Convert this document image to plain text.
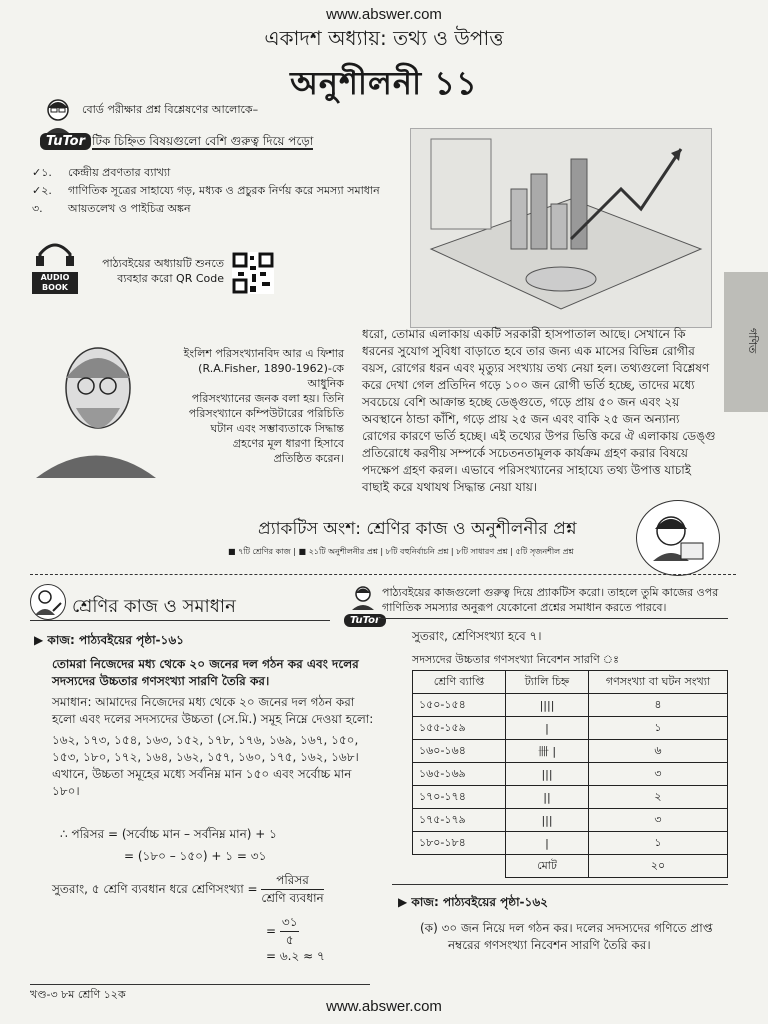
www.abswer.com
একাদশ অধ্যায়: তথ্য ও উপাত্ত
অনুশীলনী ১১
বোর্ড পরীক্ষার প্রশ্ন বিশ্লেষণের আলোকে–
TuTor টিক চিহ্নিত বিষয়গুলো বেশি গুরুত্ব দিয়ে পড়ো
✓১. কেন্দ্রীয় প্রবণতার ব্যাখ্যা
✓২. গাণিতিক সূত্রের সাহায্যে গড়, মধ্যক ও প্রচুরক নির্ণয় করে সমস্যা সমাধান
৩. আয়তলেখ ও পাইচিত্র অঙ্কন
AUDIO BOOK
পাঠ্যবইয়ের অধ্যায়টি শুনতে
ব্যবহার করো QR Code
গণিত
ইংলিশ পরিসংখ্যানবিদ আর এ ফিশার
(R.A.Fisher, 1890-1962)-কে আধুনিক
পরিসংখ্যানের জনক বলা হয়। তিনি
পরিসংখ্যানে কম্পিউটারের পরিচিতি
ঘটান এবং সম্ভাব্যতাকে সিদ্ধান্ত
গ্রহণের মূল ধারণা হিসাবে
প্রতিষ্ঠিত করেন।
ধরো, তোমার এলাকায় একটি সরকারী হাসপাতাল আছে। সেখানে কি
ধরনের সুযোগ সুবিধা বাড়াতে হবে তার জন্য এক মাসের বিভিন্ন রোগীর
বয়স, রোগের ধরন এবং মৃত্যুর সংখ্যায় তথ্য নেয়া হল। তথ্যগুলো বিশ্লেষণ
করে দেখা গেল প্রতিদিন গড়ে ১০০ জন রোগী ভর্তি হচ্ছে, তাদের মধ্যে
সবচেয়ে বেশি আক্রান্ত হচ্ছে ডেঙ্গুতে, গড়ে প্রায় ৫০ জন এবং ২য়
অবস্থানে ঠান্ডা কাঁশি, গড়ে প্রায় ২৫ জন এবং বাকি ২৫ জন অন্যান্য
রোগের কারণে ভর্তি হচ্ছে। এই তথ্যের উপর ভিত্তি করে ঐ এলাকায় ডেঙ্গু
প্রতিরোধে করণীয় সম্পর্কে সচেতনতামূলক কার্যক্রম গ্রহণ করার বিষয়ে
পদক্ষেপ গ্রহণ করল। এভাবে পরিসংখ্যানের সাহায্যে তথ্য উপাত্ত যাচাই
বাছাই করে যথাযথ সিদ্ধান্ত নেয়া যায়।
প্র্যাকটিস অংশ: শ্রেণির কাজ ও অনুশীলনীর প্রশ্ন
■ ৭টি শ্রেণির কাজ | ■ ২১টি অনুশীলনীর প্রশ্ন | ৮টি বহুনির্বাচনি প্রশ্ন | ৮টি সাধারণ প্রশ্ন | ৫টি সৃজনশীল প্রশ্ন
শ্রেণির কাজ ও সমাধান
TuTor
পাঠ্যবইয়ের কাজগুলো গুরুত্ব দিয়ে প্র্যাকটিস করো। তাহলে তুমি কাজের ওপর
গাণিতিক সমস্যার অনুরূপ যেকোনো প্রশ্নের সমাধান করতে পারবে।
▶ কাজ: পাঠ্যবইয়ের পৃষ্ঠা-১৬১
তোমরা নিজেদের মধ্য থেকে ২০ জনের দল গঠন কর এবং দলের
সদস্যদের উচ্চতার গণসংখ্যা সারণি তৈরি কর।
সমাধান: আমাদের নিজেদের মধ্য থেকে ২০ জনের দল গঠন করা
হলো এবং দলের সদস্যদের উচ্চতা (সে.মি.) সমূহ নিম্নে দেওয়া হলো:
১৬২, ১৭৩, ১৫৪, ১৬৩, ১৫২, ১৭৮, ১৭৬, ১৬৯, ১৬৭, ১৫০,
১৫৩, ১৮০, ১৭২, ১৬৪, ১৬২, ১৫৭, ১৬০, ১৭৫, ১৬২, ১৬৮।
এখানে, উচ্চতা সমূহের মধ্যে সর্বনিম্ন মান ১৫০ এবং সর্বোচ্চ মান
১৮০।
∴ পরিসর = (সর্বোচ্চ মান – সর্বনিম্ন মান) + ১
= (১৮০ – ১৫০) + ১ = ৩১
সুতরাং, ৫ শ্রেণি ব্যবধান ধরে শ্রেণিসংখ্যা = $\frac{\text{পরিসর}}{\text{শ্রেণি ব্যবধান}}$
= $\frac{৩১}{৫}$
= ৬.২ ≈ ৭
সুতরাং, শ্রেণিসংখ্যা হবে ৭।
সদস্যদের উচ্চতার গণসংখ্যা নিবেশন সারণি ঃ
শ্রেণি ব্যাপ্তি	ট্যালি চিহ্ন	গণসংখ্যা বা ঘটন সংখ্যা
১৫০-১৫৪	||||	৪
১৫৫-১৫৯	|	১
১৬০-১৬৪	卌 |	৬
১৬৫-১৬৯	|||	৩
১৭০-১৭৪	||	২
১৭৫-১৭৯	|||	৩
১৮০-১৮৪	|	১
	মোট	২০
▶ কাজ: পাঠ্যবইয়ের পৃষ্ঠা-১৬২
(ক) ৩০ জন নিয়ে দল গঠন কর। দলের সদস্যদের গণিতে প্রাপ্ত
নম্বরের গণসংখ্যা নিবেশন সারণি তৈরি কর।
খণ্ড-৩ ৮ম শ্রেণি ১২ক
www.abswer.com
